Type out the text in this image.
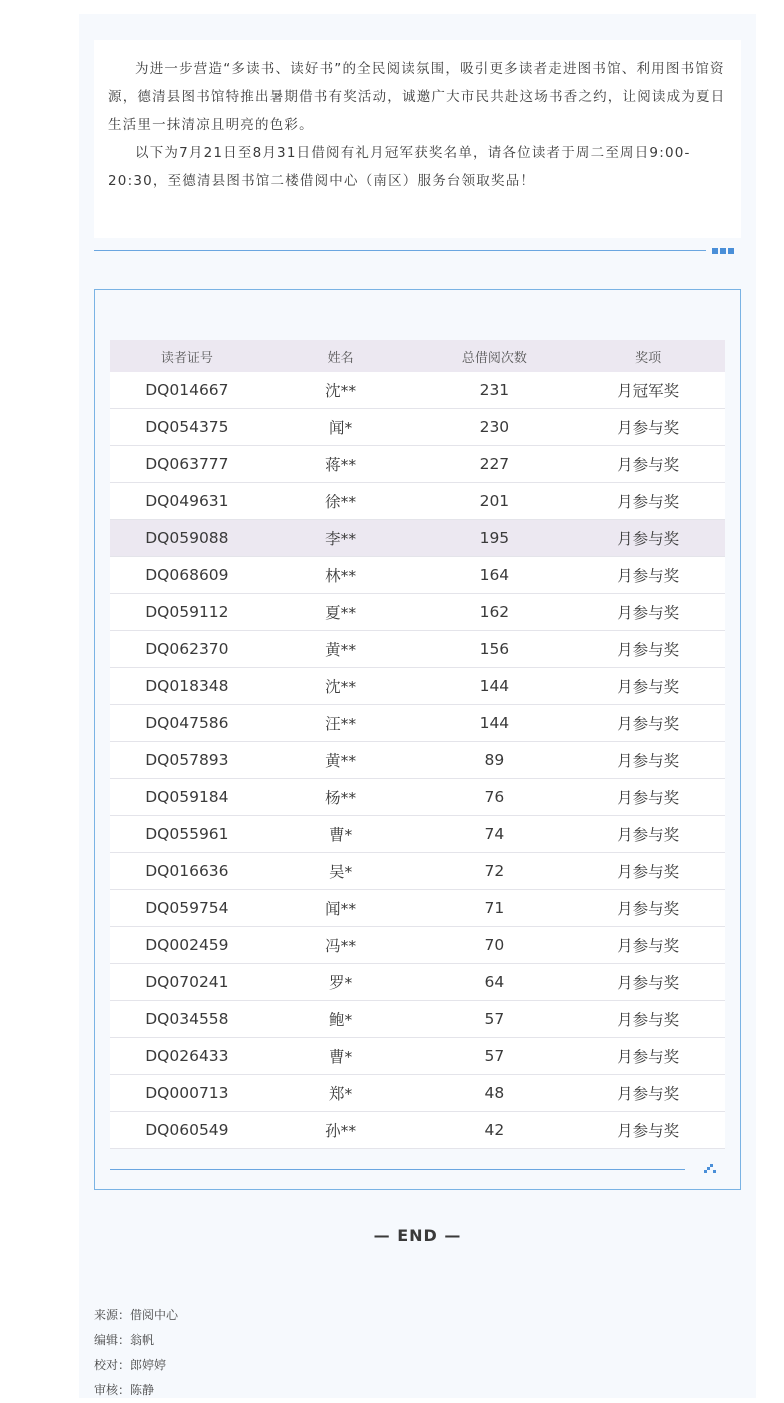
为进一步营造“多读书、读好书”的全民阅读氛围，吸引更多读者走进图书馆、利用图书馆资源，德清县图书馆特推出暑期借书有奖活动，诚邀广大市民共赴这场书香之约，让阅读成为夏日生活里一抹清凉且明亮的色彩。

以下为7月21日至8月31日借阅有礼月冠军获奖名单，请各位读者于周二至周日9:00-20:30，至德清县图书馆二楼借阅中心（南区）服务台领取奖品！

读者证号	姓名	总借阅次数	奖项
DQ014667	沈**	231	月冠军奖
DQ054375	闻*	230	月参与奖
DQ063777	蒋**	227	月参与奖
DQ049631	徐**	201	月参与奖
DQ059088	李**	195	月参与奖
DQ068609	林**	164	月参与奖
DQ059112	夏**	162	月参与奖
DQ062370	黄**	156	月参与奖
DQ018348	沈**	144	月参与奖
DQ047586	汪**	144	月参与奖
DQ057893	黄**	89	月参与奖
DQ059184	杨**	76	月参与奖
DQ055961	曹*	74	月参与奖
DQ016636	吴*	72	月参与奖
DQ059754	闻**	71	月参与奖
DQ002459	冯**	70	月参与奖
DQ070241	罗*	64	月参与奖
DQ034558	鲍*	57	月参与奖
DQ026433	曹*	57	月参与奖
DQ000713	郑*	48	月参与奖
DQ060549	孙**	42	月参与奖
— END —
来源：借阅中心
编辑：翁帆
校对：郎婷婷
审核：陈静
